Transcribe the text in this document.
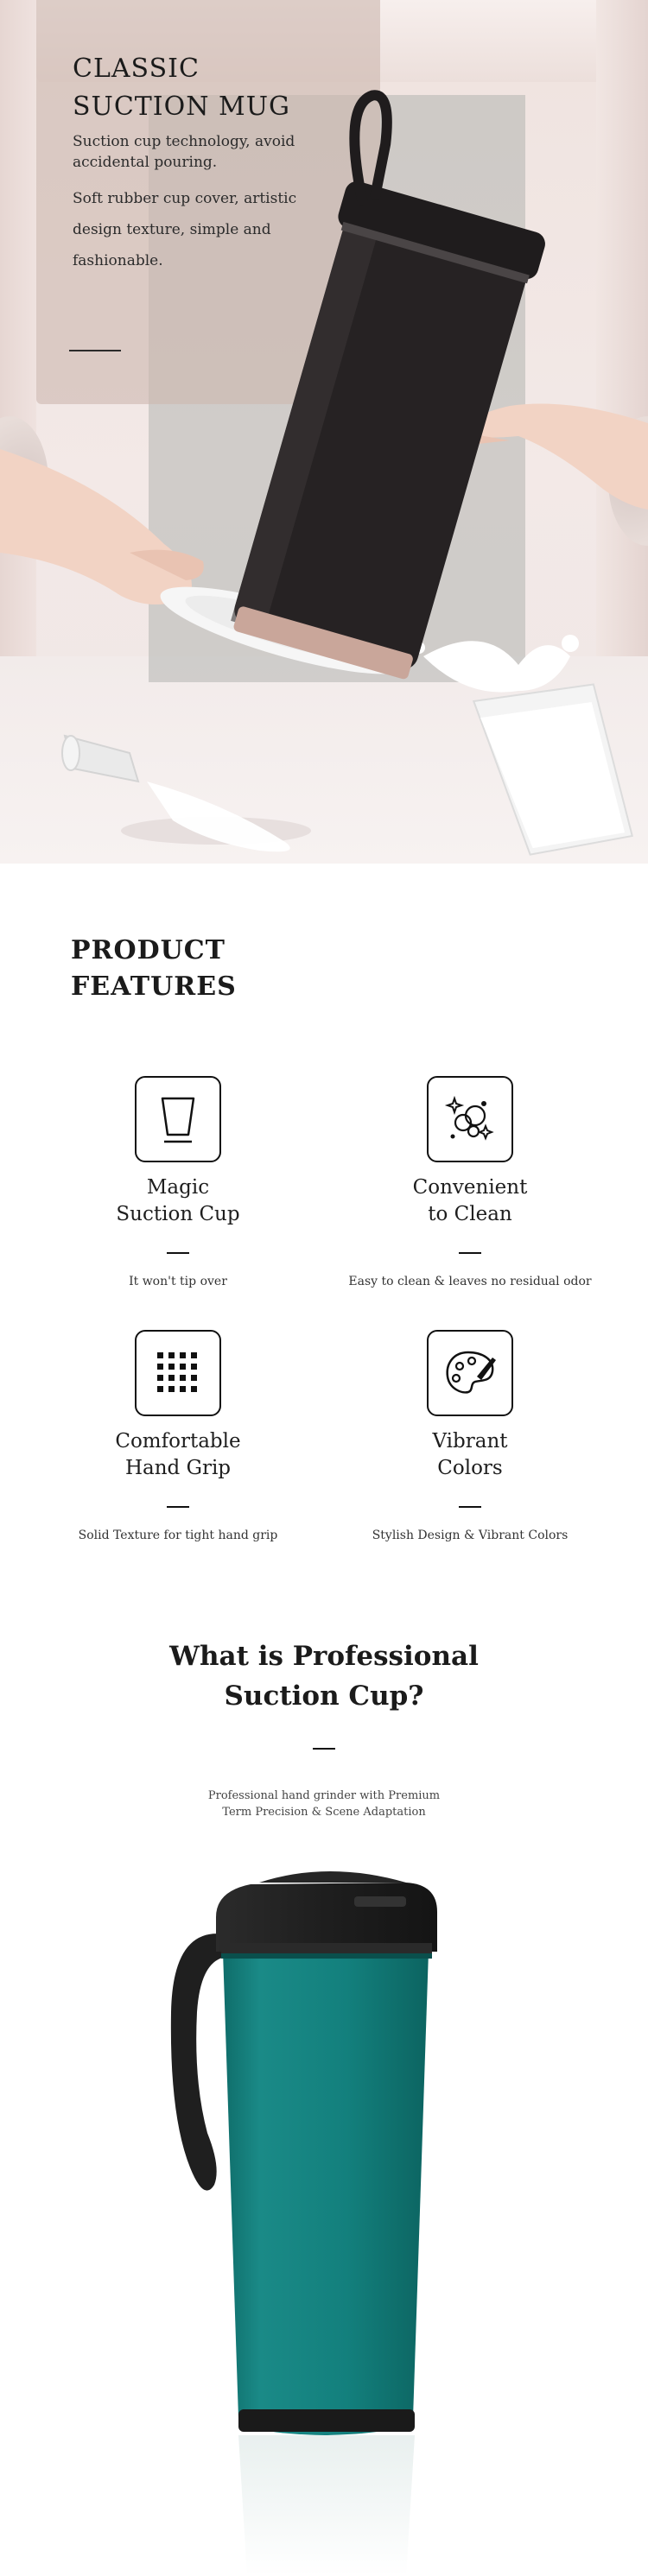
CLASSIC
SUCTION MUG

Suction cup technology, avoid accidental pouring.

Soft rubber cup cover, artistic design texture, simple and fashionable.

PRODUCT
FEATURES
Magic
Suction Cup

It won't tip over

Convenient
to Clean

Easy to clean & leaves no residual odor

Comfortable
Hand Grip

Solid Texture for tight hand grip

Vibrant
Colors

Stylish Design & Vibrant Colors

What is Professional
Suction Cup?

Professional hand grinder with Premium
Term Precision & Scene Adaptation
